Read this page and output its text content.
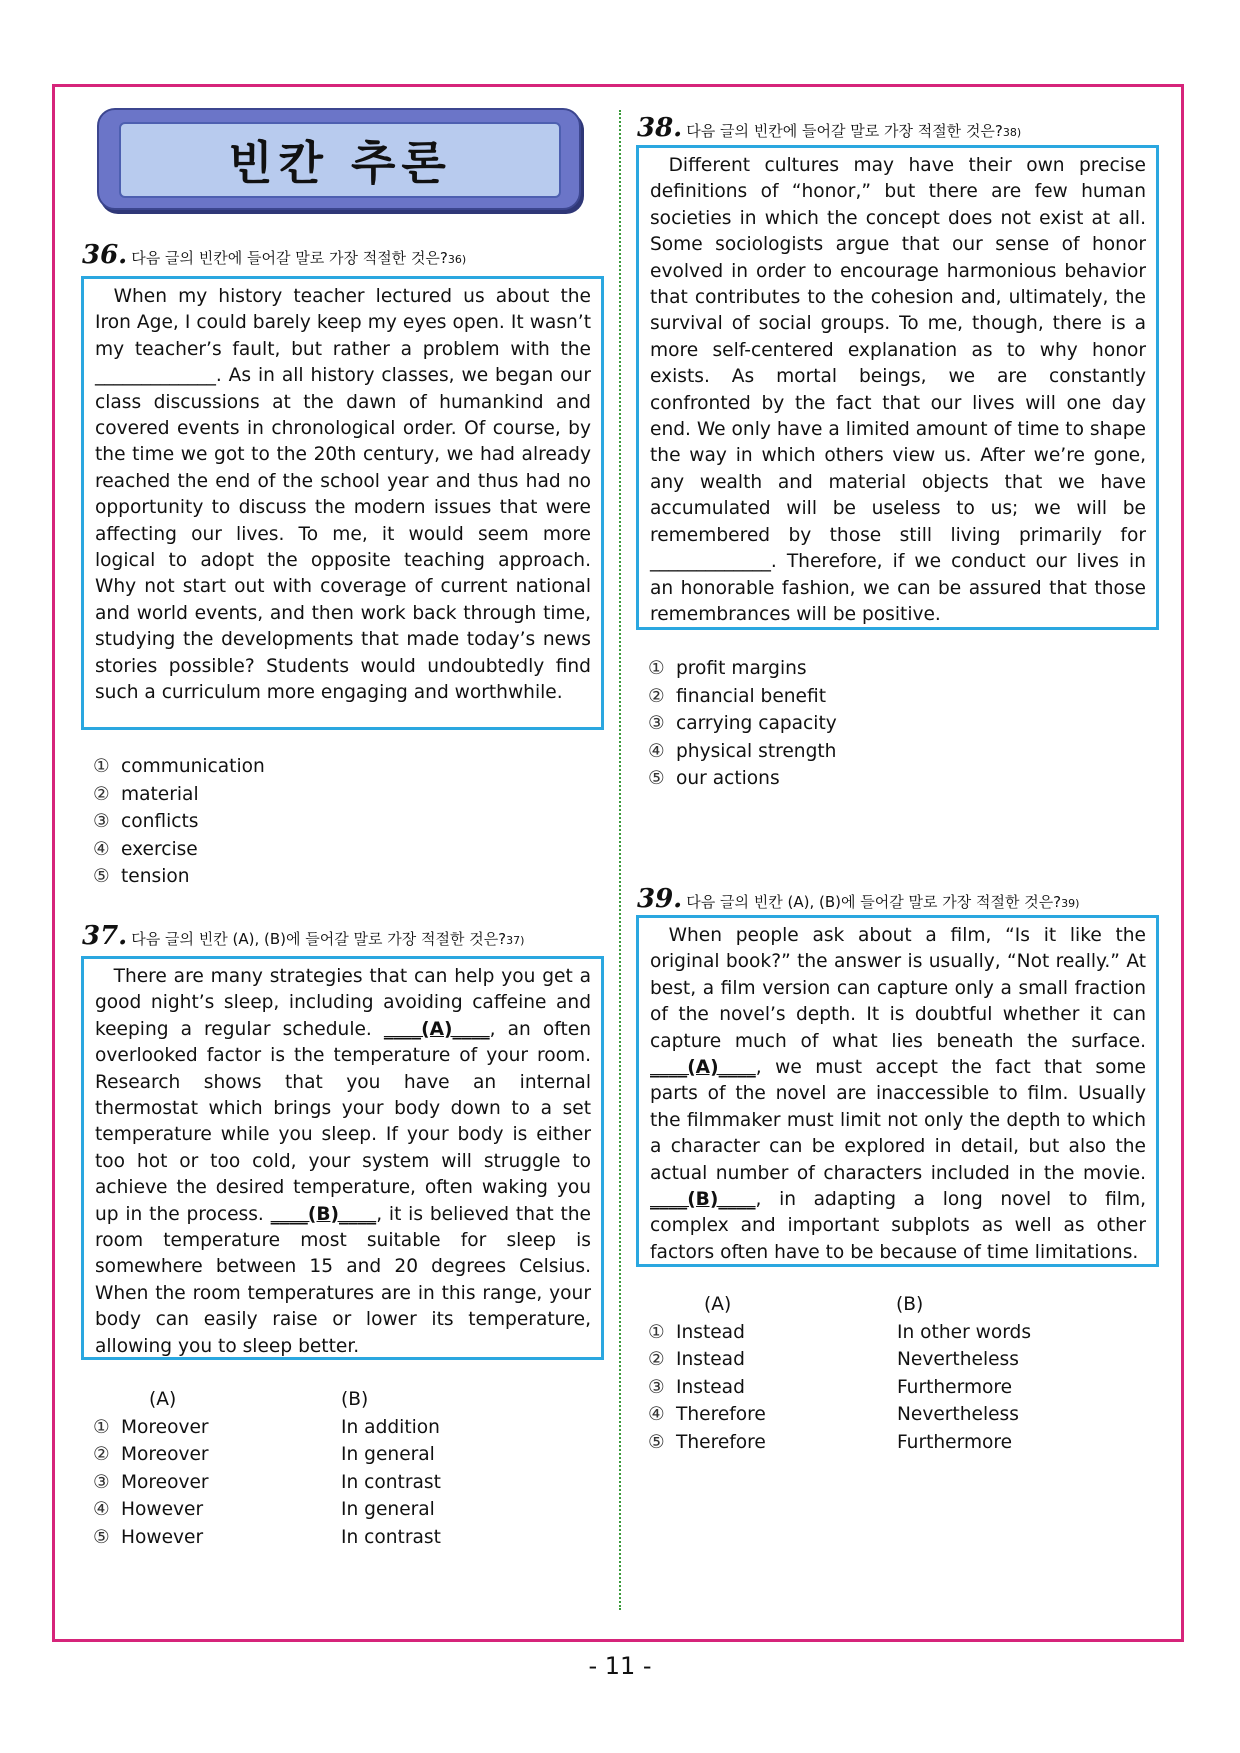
빈칸 추론
36. 다음 글의 빈칸에 들어갈 말로 가장 적절한 것은? 36)

When my history teacher lectured us about the Iron Age, I could barely keep my eyes open. It wasn’t my teacher’s fault, but rather a problem with the _____________. As in all history classes, we began our class discussions at the dawn of humankind and covered events in chronological order. Of course, by the time we got to the 20th century, we had already reached the end of the school year and thus had no opportunity to discuss the modern issues that were affecting our lives. To me, it would seem more logical to adopt the opposite teaching approach. Why not start out with coverage of current national and world events, and then work back through time, studying the developments that made today’s news stories possible? Students would undoubtedly find such a curriculum more engaging and worthwhile.

① communication
② material
③ conflicts
④ exercise
⑤ tension
37. 다음 글의 빈칸 (A), (B)에 들어갈 말로 가장 적절한 것은? 37)

There are many strategies that can help you get a good night’s sleep, including avoiding caffeine and keeping a regular schedule. ____(A)____, an often overlooked factor is the temperature of your room. Research shows that you have an internal thermostat which brings your body down to a set temperature while you sleep. If your body is either too hot or too cold, your system will struggle to achieve the desired temperature, often waking you up in the process. ____(B)____, it is believed that the room temperature most suitable for sleep is somewhere between 15 and 20 degrees Celsius. When the room temperatures are in this range, your body can easily raise or lower its temperature, allowing you to sleep better.

(A)	(B)
① Moreover	In addition
② Moreover	In general
③ Moreover	In contrast
④ However	In general
⑤ However	In contrast
38. 다음 글의 빈칸에 들어갈 말로 가장 적절한 것은? 38)

Different cultures may have their own precise definitions of “honor,” but there are few human societies in which the concept does not exist at all. Some sociologists argue that our sense of honor evolved in order to encourage harmonious behavior that contributes to the cohesion and, ultimately, the survival of social groups. To me, though, there is a more self-centered explanation as to why honor exists. As mortal beings, we are constantly confronted by the fact that our lives will one day end. We only have a limited amount of time to shape the way in which others view us. After we’re gone, any wealth and material objects that we have accumulated will be useless to us; we will be remembered by those still living primarily for _____________. Therefore, if we conduct our lives in an honorable fashion, we can be assured that those remembrances will be positive.

① profit margins
② financial benefit
③ carrying capacity
④ physical strength
⑤ our actions
39. 다음 글의 빈칸 (A), (B)에 들어갈 말로 가장 적절한 것은? 39)

When people ask about a film, “Is it like the original book?” the answer is usually, “Not really.” At best, a film version can capture only a small fraction of the novel’s depth. It is doubtful whether it can capture much of what lies beneath the surface. ____(A)____, we must accept the fact that some parts of the novel are inaccessible to film. Usually the filmmaker must limit not only the depth to which a character can be explored in detail, but also the actual number of characters included in the movie. ____(B)____, in adapting a long novel to film, complex and important subplots as well as other factors often have to be because of time limitations.

(A)	(B)
① Instead	In other words
② Instead	Nevertheless
③ Instead	Furthermore
④ Therefore	Nevertheless
⑤ Therefore	Furthermore
- 11 -
